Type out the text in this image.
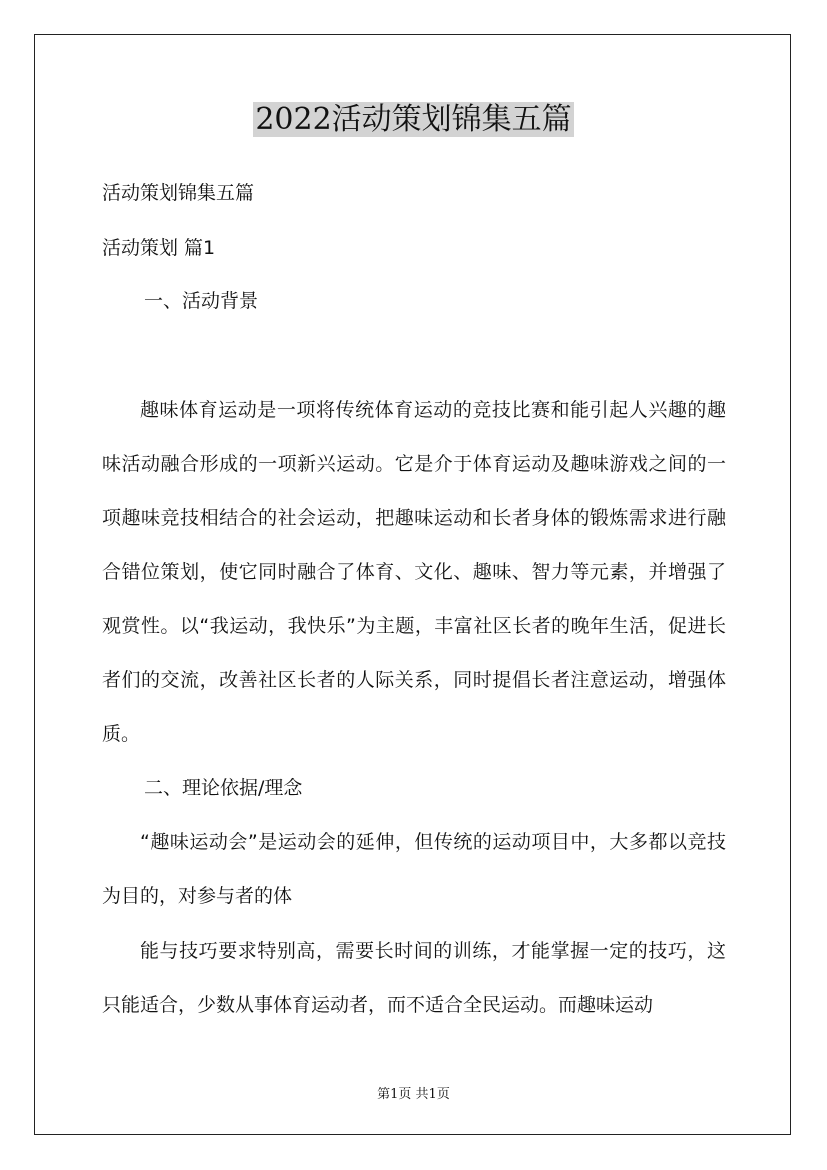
2022活动策划锦集五篇
活动策划锦集五篇
活动策划 篇1
一、活动背景

趣味体育运动是一项将传统体育运动的竞技比赛和能引起人兴趣的趣味活动融合形成的一项新兴运动。它是介于体育运动及趣味游戏之间的一项趣味竞技相结合的社会运动，把趣味运动和长者身体的锻炼需求进行融合错位策划，使它同时融合了体育、文化、趣味、智力等元素，并增强了观赏性。以“我运动，我快乐”为主题，丰富社区长者的晚年生活，促进长者们的交流，改善社区长者的人际关系，同时提倡长者注意运动，增强体质。

二、理论依据/理念

“趣味运动会”是运动会的延伸，但传统的运动项目中，大多都以竞技为目的，对参与者的体

能与技巧要求特别高，需要长时间的训练，才能掌握一定的技巧，这只能适合，少数从事体育运动者，而不适合全民运动。而趣味运动

第1页 共1页
